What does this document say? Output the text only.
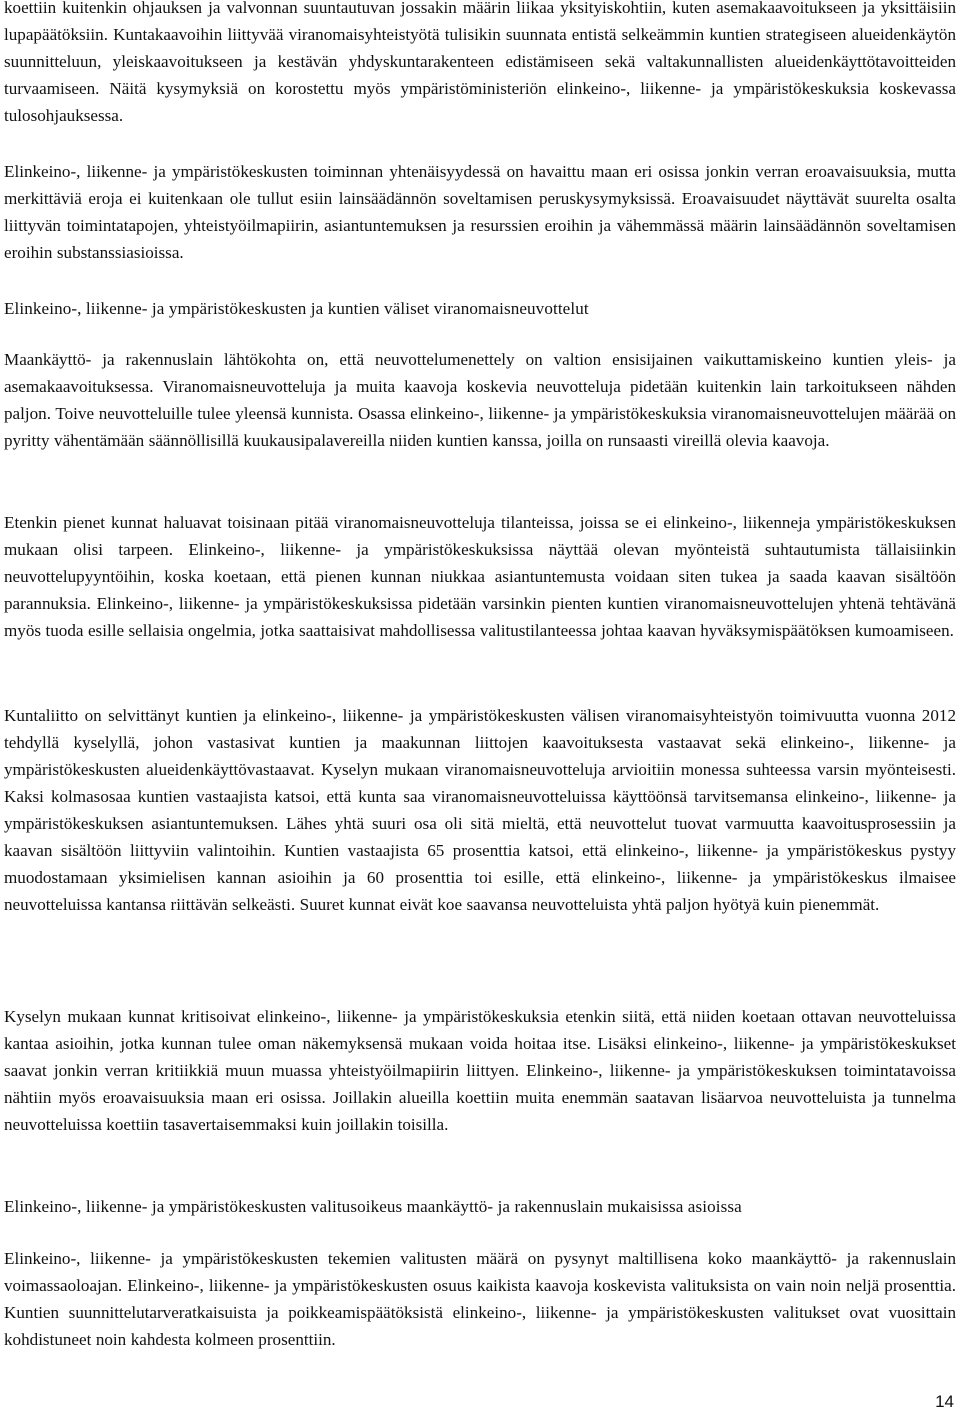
koettiin kuitenkin ohjauksen ja valvonnan suuntautuvan jossakin määrin liikaa yksityiskohtiin, kuten asemakaavoitukseen ja yksittäisiin lupapäätöksiin. Kuntakaavoihin liittyvää viranomaisyhteistyötä tulisikin suunnata entistä selkeämmin kuntien strategiseen alueidenkäytön suunnitteluun, yleiskaavoitukseen ja kestävän yhdyskuntarakenteen edistämiseen sekä valtakunnallisten alueidenkäyttötavoitteiden turvaamiseen. Näitä kysymyksiä on korostettu myös ympäristöministeriön elinkeino-, liikenne- ja ympäristökeskuksia koskevassa tulosohjauksessa.

Elinkeino-, liikenne- ja ympäristökeskusten toiminnan yhtenäisyydessä on havaittu maan eri osissa jonkin verran eroavaisuuksia, mutta merkittäviä eroja ei kuitenkaan ole tullut esiin lainsäädännön soveltamisen peruskysymyksissä. Eroavaisuudet näyttävät suurelta osalta liittyvän toimintatapojen, yhteistyöilmapiirin, asiantuntemuksen ja resurssien eroihin ja vähemmässä määrin lainsäädännön soveltamisen eroihin substanssiasioissa.

Elinkeino-, liikenne- ja ympäristökeskusten ja kuntien väliset viranomaisneuvottelut

Maankäyttö- ja rakennuslain lähtökohta on, että neuvottelumenettely on valtion ensisijainen vaikuttamiskeino kuntien yleis- ja asemakaavoituksessa. Viranomaisneuvotteluja ja muita kaavoja koskevia neuvotteluja pidetään kuitenkin lain tarkoitukseen nähden paljon. Toive neuvotteluille tulee yleensä kunnista. Osassa elinkeino-, liikenne- ja ympäristökeskuksia viranomaisneuvottelujen määrää on pyritty vähentämään säännöllisillä kuukausipalavereilla niiden kuntien kanssa, joilla on runsaasti vireillä olevia kaavoja.

Etenkin pienet kunnat haluavat toisinaan pitää viranomaisneuvotteluja tilanteissa, joissa se ei elinkeino-, liikenneja ympäristökeskuksen mukaan olisi tarpeen. Elinkeino-, liikenne- ja ympäristökeskuksissa näyttää olevan myönteistä suhtautumista tällaisiinkin neuvottelupyyntöihin, koska koetaan, että pienen kunnan niukkaa asiantuntemusta voidaan siten tukea ja saada kaavan sisältöön parannuksia. Elinkeino-, liikenne- ja ympäristökeskuksissa pidetään varsinkin pienten kuntien viranomaisneuvottelujen yhtenä tehtävänä myös tuoda esille sellaisia ongelmia, jotka saattaisivat mahdollisessa valitustilanteessa johtaa kaavan hyväksymispäätöksen kumoamiseen.

Kuntaliitto on selvittänyt kuntien ja elinkeino-, liikenne- ja ympäristökeskusten välisen viranomaisyhteistyön toimivuutta vuonna 2012 tehdyllä kyselyllä, johon vastasivat kuntien ja maakunnan liittojen kaavoituksesta vastaavat sekä elinkeino-, liikenne- ja ympäristökeskusten alueidenkäyttövastaavat. Kyselyn mukaan viranomaisneuvotteluja arvioitiin monessa suhteessa varsin myönteisesti. Kaksi kolmasosaa kuntien vastaajista katsoi, että kunta saa viranomaisneuvotteluissa käyttöönsä tarvitsemansa elinkeino-, liikenne- ja ympäristökeskuksen asiantuntemuksen. Lähes yhtä suuri osa oli sitä mieltä, että neuvottelut tuovat varmuutta kaavoitusprosessiin ja kaavan sisältöön liittyviin valintoihin. Kuntien vastaajista 65 prosenttia katsoi, että elinkeino-, liikenne- ja ympäristökeskus pystyy muodostamaan yksimielisen kannan asioihin ja 60 prosenttia toi esille, että elinkeino-, liikenne- ja ympäristökeskus ilmaisee neuvotteluissa kantansa riittävän selkeästi. Suuret kunnat eivät koe saavansa neuvotteluista yhtä paljon hyötyä kuin pienemmät.

Kyselyn mukaan kunnat kritisoivat elinkeino-, liikenne- ja ympäristökeskuksia etenkin siitä, että niiden koetaan ottavan neuvotteluissa kantaa asioihin, jotka kunnan tulee oman näkemyksensä mukaan voida hoitaa itse. Lisäksi elinkeino-, liikenne- ja ympäristökeskukset saavat jonkin verran kritiikkiä muun muassa yhteistyöilmapiirin liittyen. Elinkeino-, liikenne- ja ympäristökeskuksen toimintatavoissa nähtiin myös eroavaisuuksia maan eri osissa. Joillakin alueilla koettiin muita enemmän saatavan lisäarvoa neuvotteluista ja tunnelma neuvotteluissa koettiin tasavertaisemmaksi kuin joillakin toisilla.

Elinkeino-, liikenne- ja ympäristökeskusten valitusoikeus maankäyttö- ja rakennuslain mukaisissa asioissa

Elinkeino-, liikenne- ja ympäristökeskusten tekemien valitusten määrä on pysynyt maltillisena koko maankäyttö- ja rakennuslain voimassaoloajan. Elinkeino-, liikenne- ja ympäristökeskusten osuus kaikista kaavoja koskevista valituksista on vain noin neljä prosenttia. Kuntien suunnittelutarveratkaisuista ja poikkeamispäätöksistä elinkeino-, liikenne- ja ympäristökeskusten valitukset ovat vuosittain kohdistuneet noin kahdesta kolmeen prosenttiin.

14
